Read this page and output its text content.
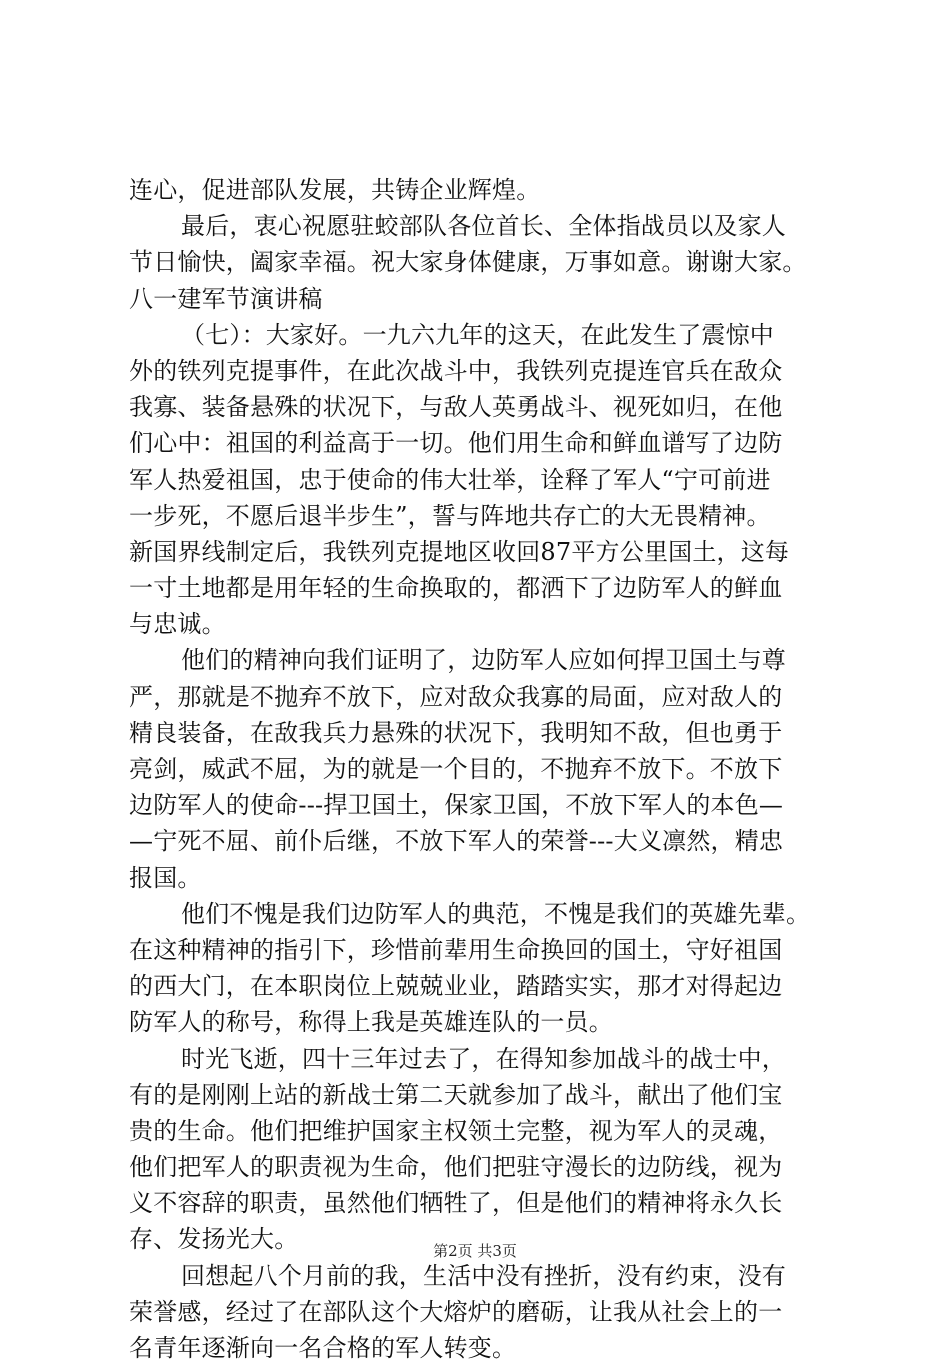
连心，促进部队发展，共铸企业辉煌。
最后，衷心祝愿驻蛟部队各位首长、全体指战员以及家人
节日愉快，阖家幸福。祝大家身体健康，万事如意。谢谢大家。
八一建军节演讲稿
（七）：大家好。一九六九年的这天，在此发生了震惊中
外的铁列克提事件，在此次战斗中，我铁列克提连官兵在敌众
我寡、装备悬殊的状况下，与敌人英勇战斗、视死如归，在他
们心中：祖国的利益高于一切。他们用生命和鲜血谱写了边防
军人热爱祖国，忠于使命的伟大壮举，诠释了军人“宁可前进
一步死，不愿后退半步生”，誓与阵地共存亡的大无畏精神。
新国界线制定后，我铁列克提地区收回87平方公里国土，这每
一寸土地都是用年轻的生命换取的，都洒下了边防军人的鲜血
与忠诚。
他们的精神向我们证明了，边防军人应如何捍卫国土与尊
严，那就是不抛弃不放下，应对敌众我寡的局面，应对敌人的
精良装备，在敌我兵力悬殊的状况下，我明知不敌，但也勇于
亮剑，威武不屈，为的就是一个目的，不抛弃不放下。不放下
边防军人的使命---捍卫国土，保家卫国，不放下军人的本色—
—宁死不屈、前仆后继，不放下军人的荣誉---大义凛然，精忠
报国。
他们不愧是我们边防军人的典范，不愧是我们的英雄先辈。
在这种精神的指引下，珍惜前辈用生命换回的国土，守好祖国
的西大门，在本职岗位上兢兢业业，踏踏实实，那才对得起边
防军人的称号，称得上我是英雄连队的一员。
时光飞逝，四十三年过去了，在得知参加战斗的战士中，
有的是刚刚上站的新战士第二天就参加了战斗，献出了他们宝
贵的生命。他们把维护国家主权领土完整，视为军人的灵魂，
他们把军人的职责视为生命，他们把驻守漫长的边防线，视为
义不容辞的职责，虽然他们牺牲了，但是他们的精神将永久长
存、发扬光大。
回想起八个月前的我，生活中没有挫折，没有约束，没有
荣誉感，经过了在部队这个大熔炉的磨砺，让我从社会上的一
名青年逐渐向一名合格的军人转变。
第2页 共3页
